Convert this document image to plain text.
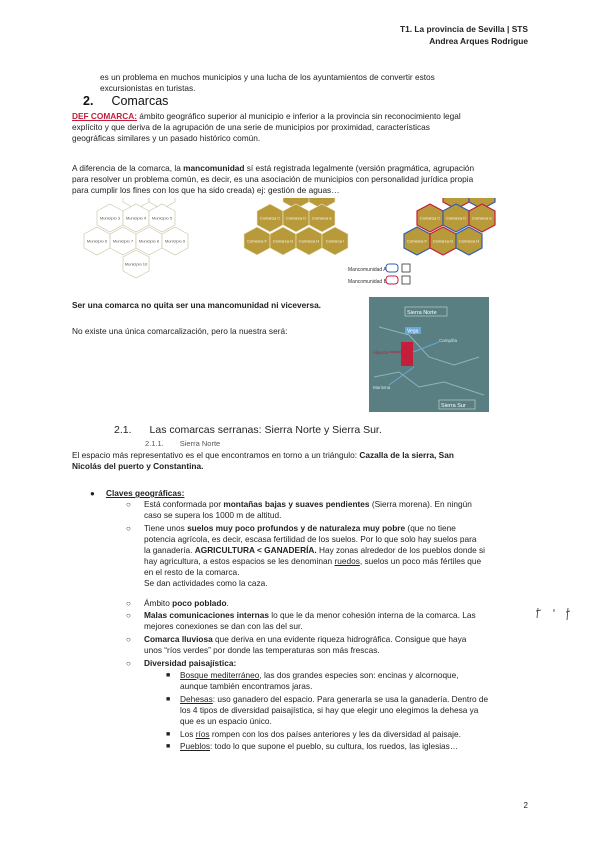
T1. La provincia de Sevilla | STS
Andrea Arques Rodrigue

es un problema en muchos municipios y una lucha de los ayuntamientos de convertir estos
excursionistas en turistas.

2. Comarcas

DEF COMARCA: ámbito geográfico superior al municipio e inferior a la provincia sin reconocimiento legal
explícito y que deriva de la agrupación de una serie de municipios por proximidad, características
geográficas similares y un pasado histórico común.

A diferencia de la comarca, la mancomunidad sí está registrada legalmente (versión pragmática, agrupación
para resolver un problema común, es decir, es una asociación de municipios con personalidad jurídica propia
para cumplir los fines con los que ha sido creada) ej: gestión de aguas…

Municipio 3 Municipio 4 Municipio 5
Municipio 6 Municipio 7 Municipio 8 Municipio 9
Municipio 10
Comarca C Comarca D Comarca E
Comarca F Comarca G Comarca H Comarca I
Comarca C Comarca D Comarca E
Comarca F Comarca G Comarca H
Mancomunidad A
Mancomunidad B

Ser una comarca no quita ser una mancomunidad ni viceversa.

No existe una única comarcalización, pero la nuestra será:

Sierra Norte
Vega
Aljarafe
Campiña
Marisma
Sierra Sur
2.1. Las comarcas serranas: Sierra Norte y Sierra Sur.
2.1.1. Sierra Norte

El espacio más representativo es el que encontramos en torno a un triángulo: Cazalla de la sierra, San
Nicolás del puerto y Constantina.

● Claves geográficas:

○ Está conformada por montañas bajas y suaves pendientes (Sierra morena). En ningún
caso se supera los 1000 m de altitud.

○ Tiene unos suelos muy poco profundos y de naturaleza muy pobre (que no tiene
potencia agrícola, es decir, escasa fertilidad de los suelos. Por lo que solo hay suelos para
la ganadería. AGRICULTURA < GANADERÍA. Hay zonas alrededor de los pueblos donde si
hay agricultura, a estos espacios se les denominan ruedos, suelos un poco más fértiles que
en el resto de la comarca.
Se dan actividades como la caza.

○ Ámbito poco poblado.

○ Malas comunicaciones internas lo que le da menor cohesión interna de la comarca. Las
mejores conexiones se dan con las del sur.

○ Comarca lluviosa que deriva en una evidente riqueza hidrográfica. Consigue que haya
unos “ríos verdes” por donde las temperaturas son más frescas.

○ Diversidad paisajística:

■ Bosque mediterráneo, las dos grandes especies son: encinas y alcornoque,
aunque también encontramos jaras.

■ Dehesas: uso ganadero del espacio. Para generarla se usa la ganadería. Dentro de
los 4 tipos de diversidad paisajística, si hay que elegir uno elegimos la dehesa ya
que es un espacio único.

■ Los ríos rompen con los dos países anteriores y les da diversidad al paisaje.

■ Pueblos: todo lo que supone el pueblo, su cultura, los ruedos, las iglesias…

2
